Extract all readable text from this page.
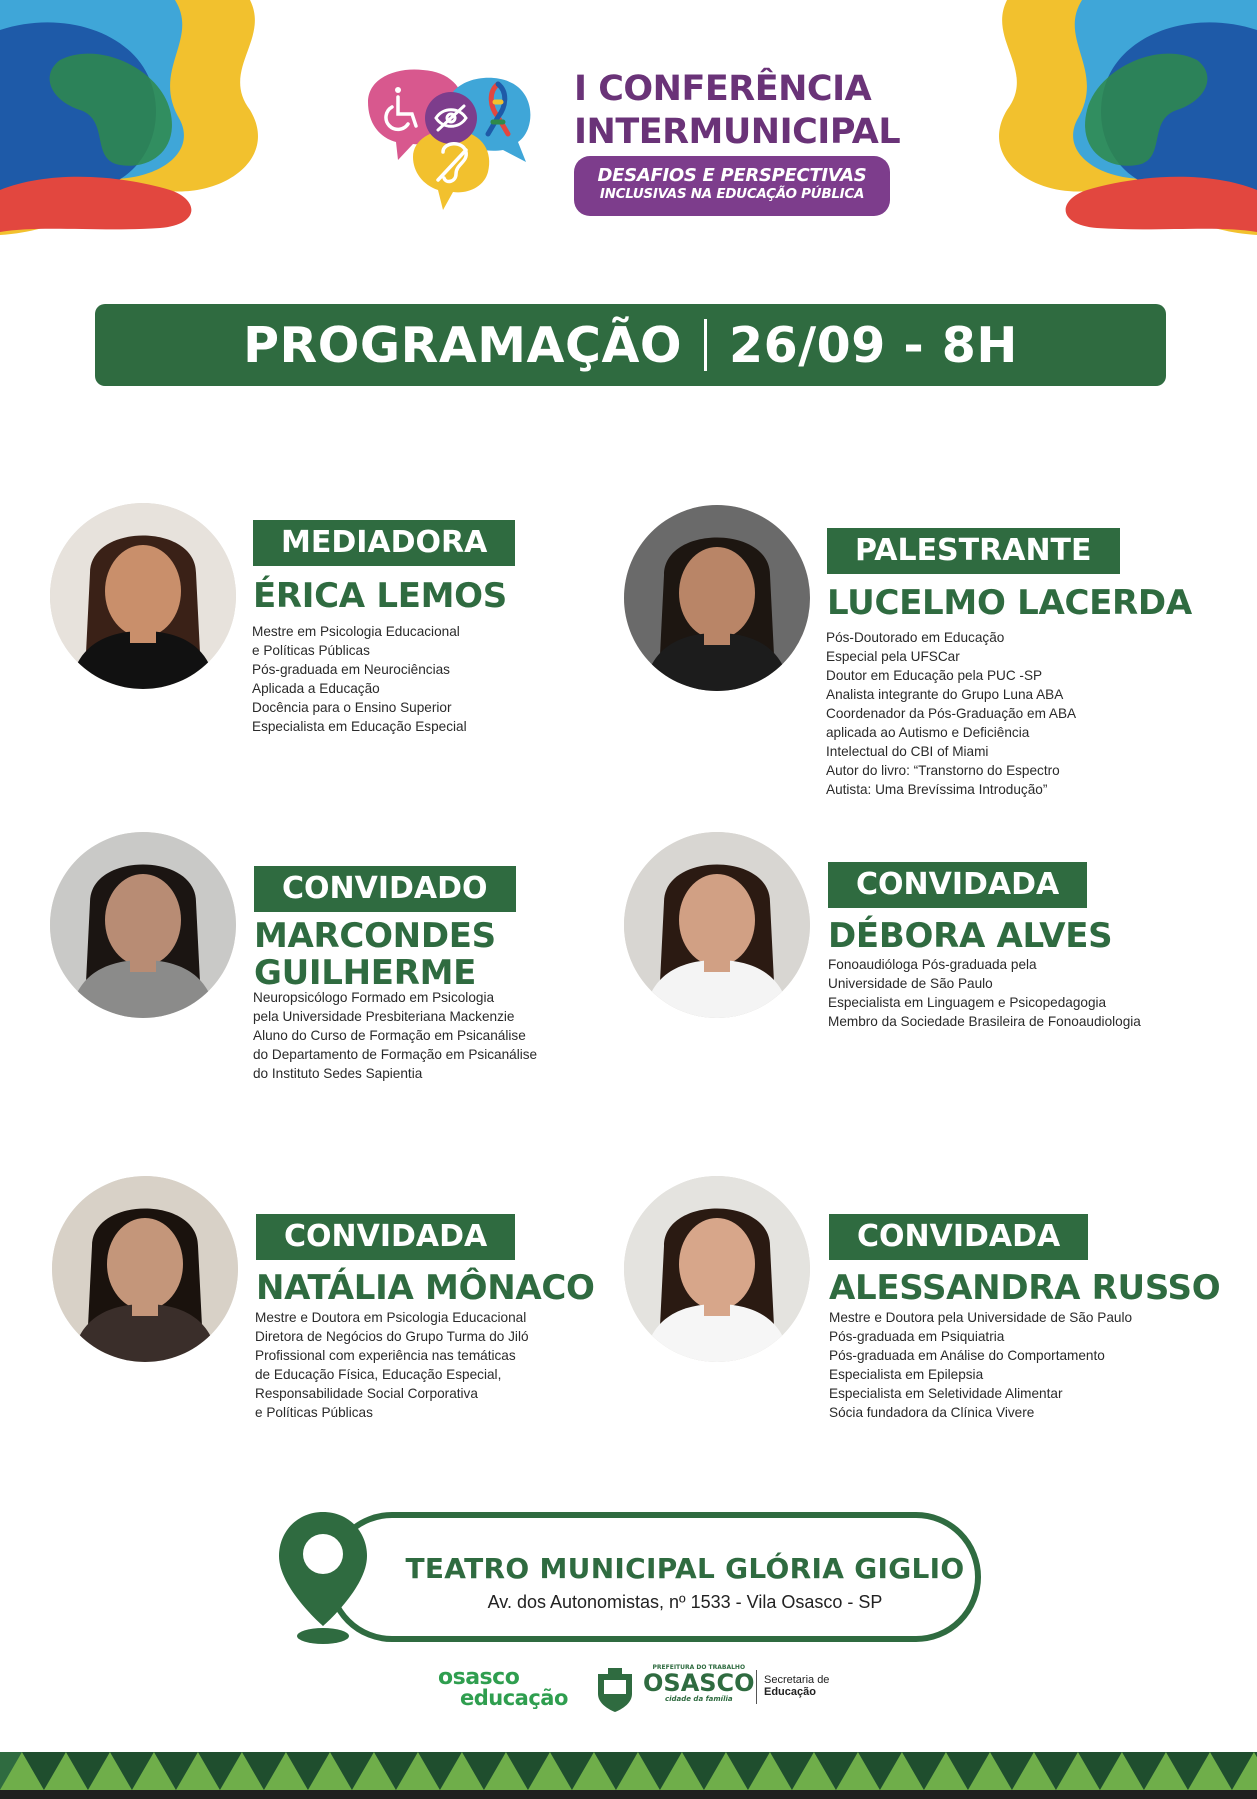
I CONFERÊNCIA
INTERMUNICIPAL
DESAFIOS E PERSPECTIVAS
INCLUSIVAS NA EDUCAÇÃO PÚBLICA
PROGRAMAÇÃO 26/09 - 8H
MEDIADORA
ÉRICA LEMOS
Mestre em Psicologia Educacional
e Políticas Públicas
Pós-graduada em Neurociências
Aplicada a Educação
Docência para o Ensino Superior
Especialista em Educação Especial
PALESTRANTE
LUCELMO LACERDA
Pós-Doutorado em Educação
Especial pela UFSCar
Doutor em Educação pela PUC -SP
Analista integrante do Grupo Luna ABA
Coordenador da Pós-Graduação em ABA
aplicada ao Autismo e Deficiência
Intelectual do CBI of Miami
Autor do livro: “Transtorno do Espectro
Autista: Uma Brevíssima Introdução”
CONVIDADO
MARCONDES
GUILHERME
Neuropsicólogo Formado em Psicologia
pela Universidade Presbiteriana Mackenzie
Aluno do Curso de Formação em Psicanálise
do Departamento de Formação em Psicanálise
do Instituto Sedes Sapientia
CONVIDADA
DÉBORA ALVES
Fonoaudióloga Pós-graduada pela
Universidade de São Paulo
Especialista em Linguagem e Psicopedagogia
Membro da Sociedade Brasileira de Fonoaudiologia
CONVIDADA
NATÁLIA MÔNACO
Mestre e Doutora em Psicologia Educacional
Diretora de Negócios do Grupo Turma do Jiló
Profissional com experiência nas temáticas
de Educação Física, Educação Especial,
Responsabilidade Social Corporativa
e Políticas Públicas
CONVIDADA
ALESSANDRA RUSSO
Mestre e Doutora pela Universidade de São Paulo
Pós-graduada em Psiquiatria
Pós-graduada em Análise do Comportamento
Especialista em Epilepsia
Especialista em Seletividade Alimentar
Sócia fundadora da Clínica Vivere
TEATRO MUNICIPAL GLÓRIA GIGLIO
Av. dos Autonomistas, nº 1533 - Vila Osasco - SP
osasco
educação
PREFEITURA DO TRABALHO
OSASCO
cidade da família
Secretaria de
Educação
